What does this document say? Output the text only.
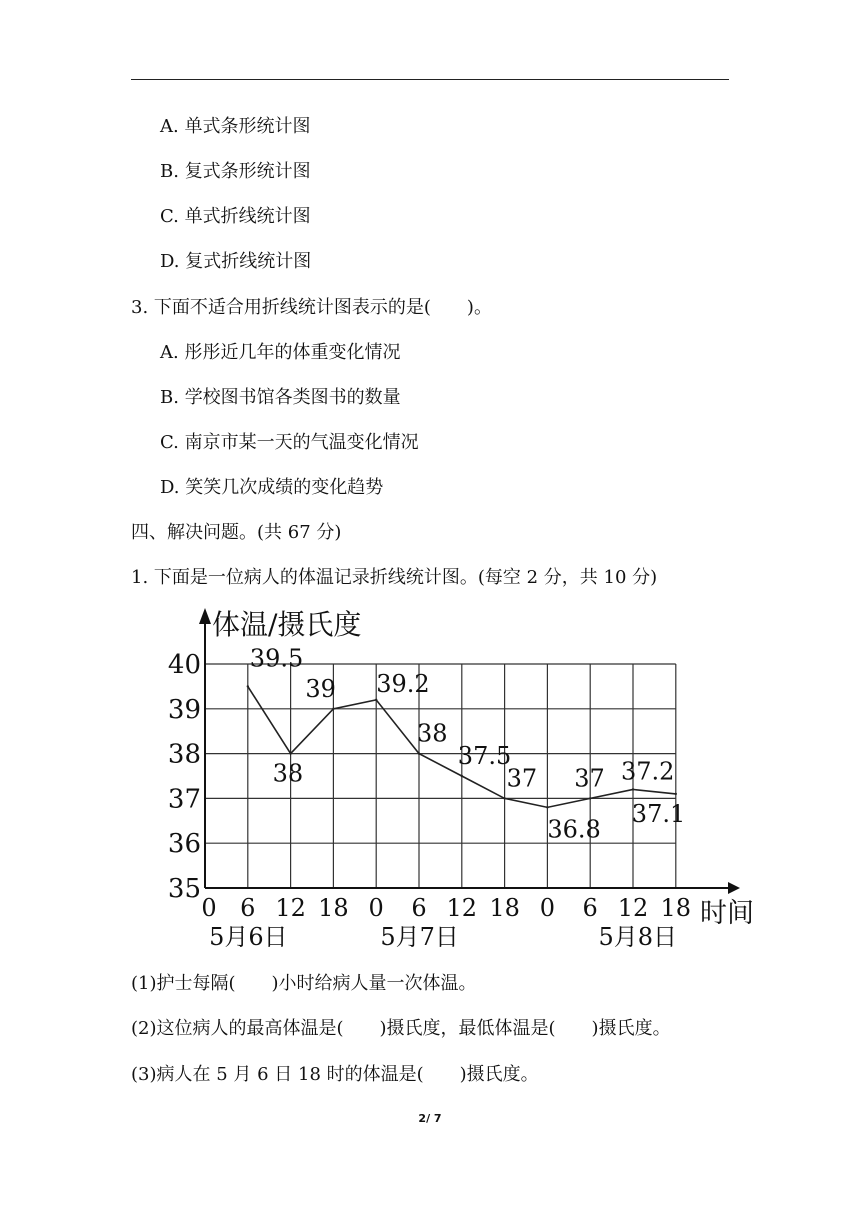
A. 单式条形统计图
B. 复式条形统计图
C. 单式折线统计图
D. 复式折线统计图
3. 下面不适合用折线统计图表示的是(　　)。
A. 彤彤近几年的体重变化情况
B. 学校图书馆各类图书的数量
C. 南京市某一天的气温变化情况
D. 笑笑几次成绩的变化趋势
四、解决问题。(共 67 分)
1. 下面是一位病人的体温记录折线统计图。(每空 2 分，共 10 分)
体温/摄氏度
时间
35
36
37
38
39
40
0 6 12 18 0 6 12 18 0 6 12 18
5月6日	5月7日	5月8日
39.5
38
39 39.2
38
37.5
37
36.8
37 37.2
37.1
(1)护士每隔(　　)小时给病人量一次体温。
(2)这位病人的最高体温是(　　)摄氏度，最低体温是(　　)摄氏度。
(3)病人在 5 月 6 日 18 时的体温是(　　)摄氏度。
2/ 7
